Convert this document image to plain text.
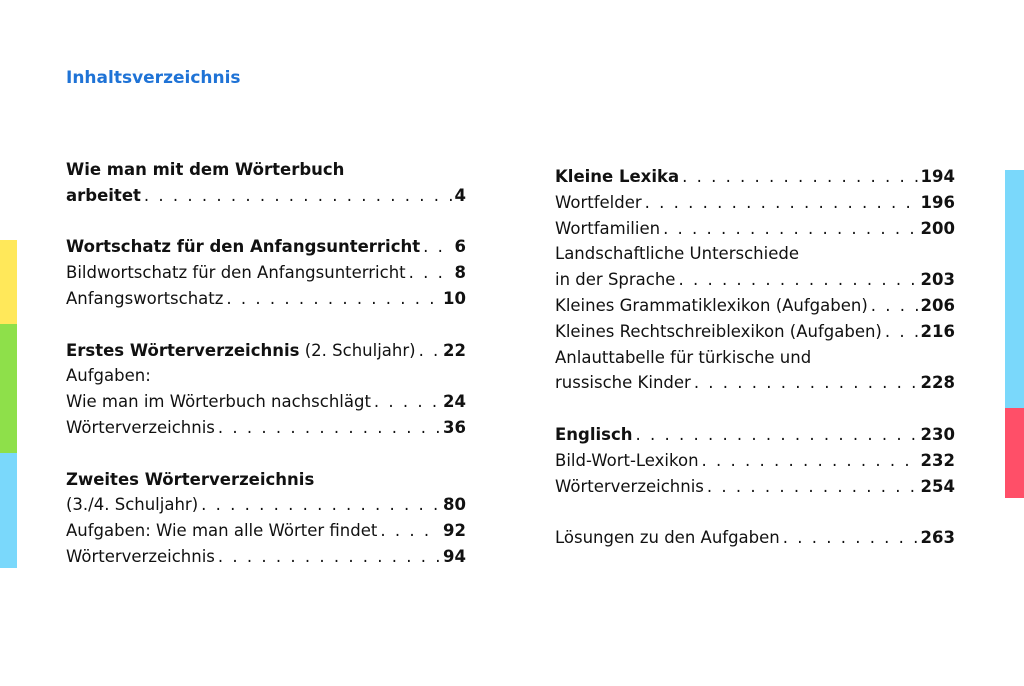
Inhaltsverzeichnis
Wie man mit dem Wörterbuch
arbeitet . . .	4
Wortschatz für den Anfangsunterricht . . . 6
Bildwortschatz für den Anfangsunterricht . . .	8
Anfangswortschatz . . .	10
Erstes Wörterverzeichnis (2. Schuljahr) . . . 22
Aufgaben:
Wie man im Wörterbuch nachschlägt . . .	24
Wörterverzeichnis . . .	36
Zweites Wörterverzeichnis
(3./4. Schuljahr) . . .	80
Aufgaben: Wie man alle Wörter findet . . .	92
Wörterverzeichnis . . .	94
Kleine Lexika . . .	194
Wortfelder . . .	196
Wortfamilien . . .	200
Landschaftliche Unterschiede
in der Sprache . . .	203
Kleines Grammatiklexikon (Aufgaben) . . .	206
Kleines Rechtschreiblexikon (Aufgaben) . . . 216
Anlauttabelle für türkische und
russische Kinder . . .	228
Englisch . . .	230
Bild-Wort-Lexikon . . .	232
Wörterverzeichnis . . .	254
Lösungen zu den Aufgaben . . .	263
